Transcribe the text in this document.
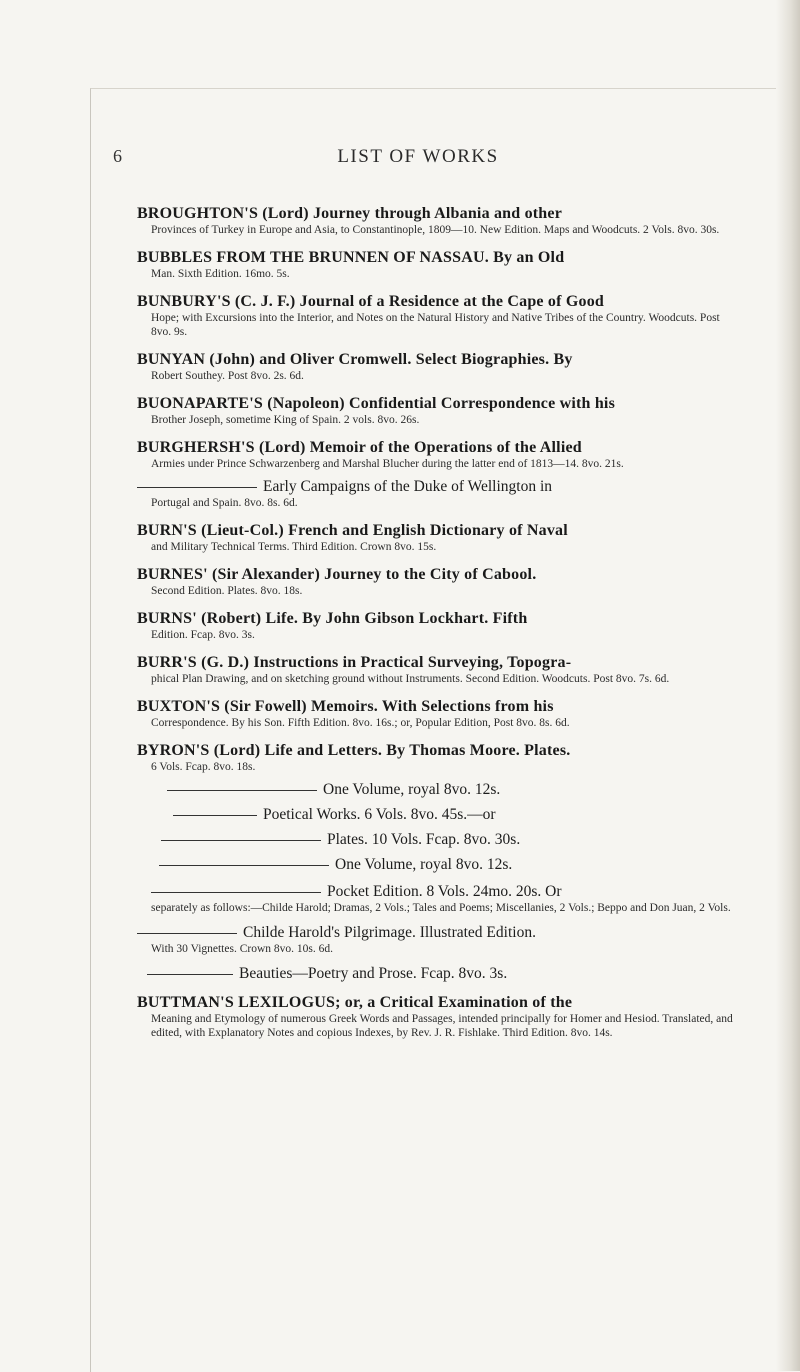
6	LIST OF WORKS
BROUGHTON'S (Lord) Journey through Albania and other
Provinces of Turkey in Europe and Asia, to Constantinople, 1809—10. New Edition. Maps and Woodcuts. 2 Vols. 8vo. 30s.
BUBBLES FROM THE BRUNNEN OF NASSAU. By an Old
Man. Sixth Edition. 16mo. 5s.
BUNBURY'S (C. J. F.) Journal of a Residence at the Cape of Good
Hope; with Excursions into the Interior, and Notes on the Natural History and Native Tribes of the Country. Woodcuts. Post 8vo. 9s.
BUNYAN (John) and Oliver Cromwell. Select Biographies. By
Robert Southey. Post 8vo. 2s. 6d.
BUONAPARTE'S (Napoleon) Confidential Correspondence with his
Brother Joseph, sometime King of Spain. 2 vols. 8vo. 26s.
BURGHERSH'S (Lord) Memoir of the Operations of the Allied
Armies under Prince Schwarzenberg and Marshal Blucher during the latter end of 1813—14. 8vo. 21s.
Early Campaigns of the Duke of Wellington in
Portugal and Spain. 8vo. 8s. 6d.
BURN'S (Lieut-Col.) French and English Dictionary of Naval
and Military Technical Terms. Third Edition. Crown 8vo. 15s.
BURNES' (Sir Alexander) Journey to the City of Cabool.
Second Edition. Plates. 8vo. 18s.
BURNS' (Robert) Life. By John Gibson Lockhart. Fifth
Edition. Fcap. 8vo. 3s.
BURR'S (G. D.) Instructions in Practical Surveying, Topogra-
phical Plan Drawing, and on sketching ground without Instruments. Second Edition. Woodcuts. Post 8vo. 7s. 6d.
BUXTON'S (Sir Fowell) Memoirs. With Selections from his
Correspondence. By his Son. Fifth Edition. 8vo. 16s.; or, Popular Edition, Post 8vo. 8s. 6d.
BYRON'S (Lord) Life and Letters. By Thomas Moore. Plates.
6 Vols. Fcap. 8vo. 18s.
One Volume, royal 8vo. 12s.
Poetical Works. 6 Vols. 8vo. 45s.—or
Plates. 10 Vols. Fcap. 8vo. 30s.
One Volume, royal 8vo. 12s.
Pocket Edition. 8 Vols. 24mo. 20s. Or
separately as follows:—Childe Harold; Dramas, 2 Vols.; Tales and Poems; Miscellanies, 2 Vols.; Beppo and Don Juan, 2 Vols.
Childe Harold's Pilgrimage. Illustrated Edition.
With 30 Vignettes. Crown 8vo. 10s. 6d.
Beauties—Poetry and Prose. Fcap. 8vo. 3s.
BUTTMAN'S LEXILOGUS; or, a Critical Examination of the
Meaning and Etymology of numerous Greek Words and Passages, intended principally for Homer and Hesiod. Translated, and edited, with Explanatory Notes and copious Indexes, by Rev. J. R. Fishlake. Third Edition. 8vo. 14s.
